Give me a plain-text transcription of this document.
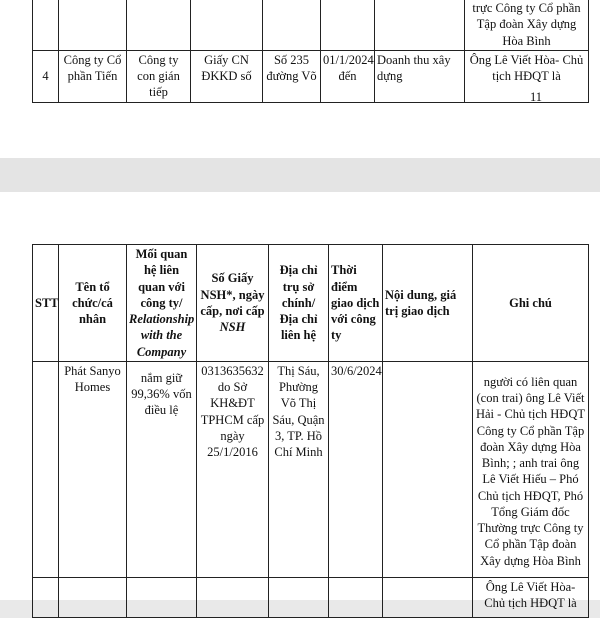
							trực Công ty Cổ phần Tập đoàn Xây dựng Hòa Bình
4	Công ty Cổ phần Tiến	Công ty con gián tiếp	Giấy CN ĐKKD số	Số 235 đường Võ	01/1/2024 đến	Doanh thu xây dựng	Ông Lê Viết Hòa- Chủ tịch HĐQT là
11
STT	Tên tổ chức/cá nhân	Mối quan hệ liên quan với công ty/ Relationship with the Company	Số Giấy NSH*, ngày cấp, nơi cấp NSH	Địa chỉ trụ sở chính/ Địa chỉ liên hệ	Thời điểm giao dịch với công ty	Nội dung, giá trị giao dịch	Ghi chú
	Phát Sanyo Homes	nắm giữ 99,36% vốn điều lệ	0313635632 do Sở KH&ĐT TPHCM cấp ngày 25/1/2016	Thị Sáu, Phường Võ Thị Sáu, Quận 3, TP. Hồ Chí Minh	30/6/2024		người có liên quan (con trai) ông Lê Viết Hải - Chủ tịch HĐQT Công ty Cổ phần Tập đoàn Xây dựng Hòa Bình; ; anh trai ông Lê Viết Hiếu – Phó Chủ tịch HĐQT, Phó Tổng Giám đốc Thường trực Công ty Cổ phần Tập đoàn Xây dựng Hòa Bình
							Ông Lê Viết Hòa- Chủ tịch HĐQT là
